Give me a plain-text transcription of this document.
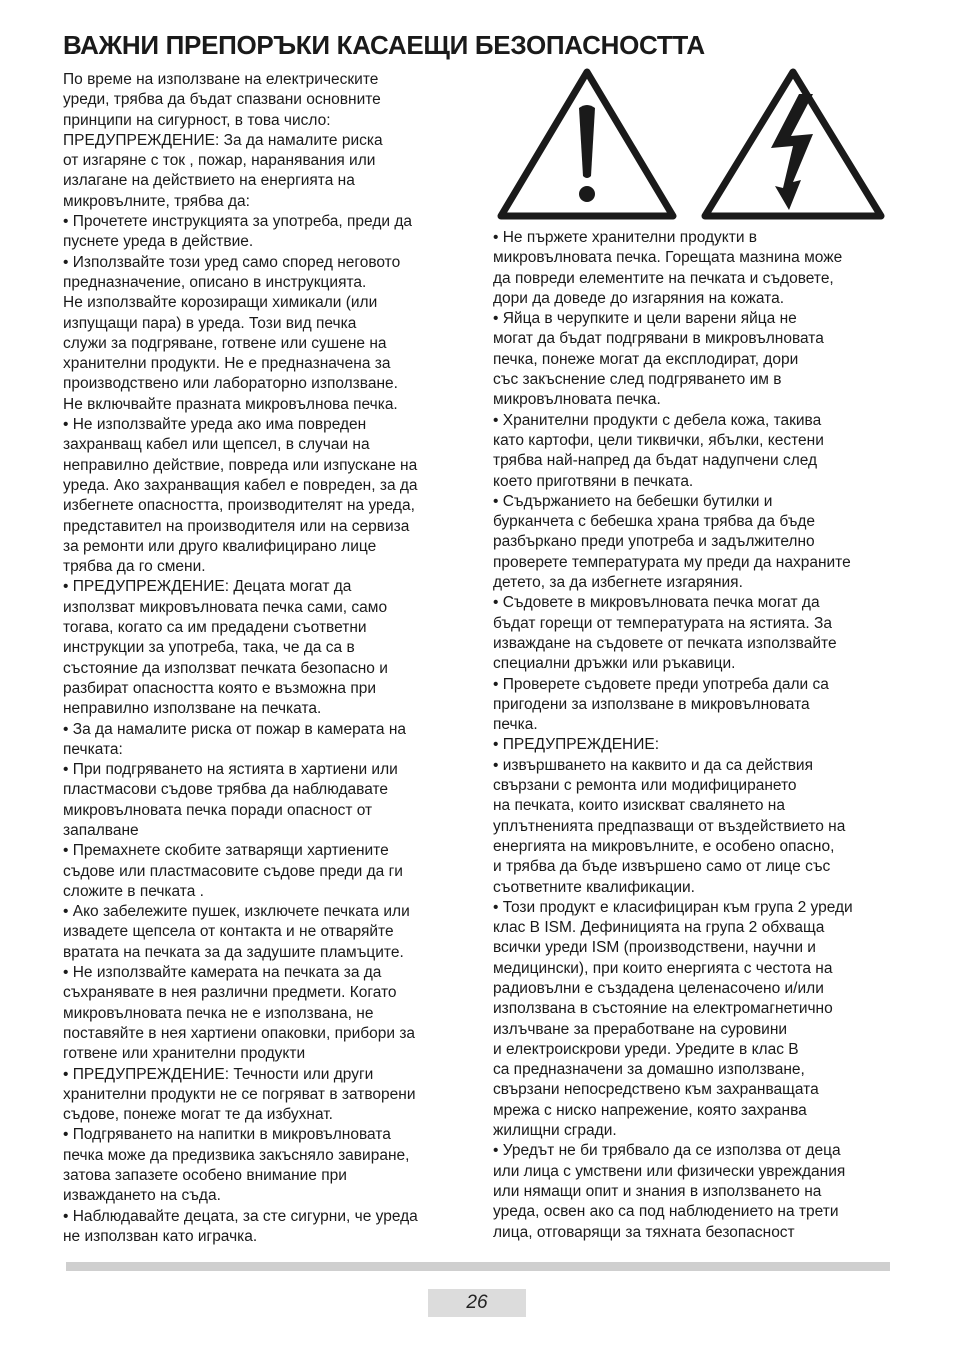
ВАЖНИ ПРЕПОРЪКИ КАСАЕЩИ БЕЗОПАСНОСТТА
По време на използване на електрическите
уреди, трябва да бъдат спазвани основните
принципи на сигурност, в това число:
ПРЕДУПРЕЖДЕНИЕ: За да намалите риска
от изгаряне с ток , пожар, наранявания или
излагане на действието на енергията на
микровълните, трябва да:
• Прочетете инструкцията за употреба, преди да
пуснете уреда в действие.
• Използвайте този уред само според неговото
предназначение, описано в инструкцията.
Не използвайте корозиращи химикали (или
изпущащи пара) в уреда. Този вид печка
служи за подгряване, готвене или сушене на
хранителни продукти. Не е предназначена за
производствено или лабораторно използване.
Не включвайте празната микровълнова печка.
• Не използвайте уреда ако има повреден
захранващ кабел или щепсел, в случаи на
неправилно действие, повреда или изпускане на
уреда. Ако захранващия кабел е повреден, за да
избегнете опасността, производителят на уреда,
представител на производителя или на сервиза
за ремонти или друго квалифицирано лице
трябва да го смени.
• ПРЕДУПРЕЖДЕНИЕ: Децата могат да
използват микровълновата печка сами, само
тогава, когато са им предадени съответни
инструкции за употреба, така, че да са в
състояние да използват печката безопасно и
разбират опасността която е възможна при
неправилно използване на печката.
• За да намалите риска от пожар в камерата на
печката:
• При подгряването на ястията в хартиени или
пластмасови съдове трябва да наблюдавате
микровълновата печка поради опасност от
запалване
• Премахнете скобите затварящи хартиените
съдове или пластмасовите съдове преди да ги
сложите в печката .
• Ако забележите пушек, изключете печката или
извадете щепсела от контакта и не отваряйте
вратата на печката за да задушите пламъците.
• Не използвайте камерата на печката за да
съхранявате в нея различни предмети. Когато
микровълновата печка не е използвана, не
поставяйте в нея хартиени опаковки, прибори за
готвене или хранителни продукти
• ПРЕДУПРЕЖДЕНИЕ: Течности или други
хранителни продукти не се погряват в затворени
съдове, понеже могат те да избухнат.
• Подгряването на напитки в микровълновата
печка може да предизвика закъсняло завиране,
затова запазете особено внимание при
изваждането на съда.
• Наблюдавайте децата, за сте сигурни, че уреда
не използван като играчка.
• Не пържете хранителни продукти в
микровълновата печка. Горещата мазнина може
да повреди елементите на печката и съдовете,
дори да доведе до изгаряния на кожата.
• Яйца в черупките и цели варени яйца не
могат да бъдат подгрявани в микровълновата
печка, понеже могат да експлодират, дори
със закъснение след подгряването им в
микровълновата печка.
• Хранителни продукти с дебела кожа, такива
като картофи, цели тиквички, ябълки, кестени
трябва най-напред да бъдат надупчени след
което приготвяни в печката.
• Съдържанието на бебешки бутилки и
бурканчета с бебешка храна трябва да бъде
разбъркано преди употреба и задължително
проверете температурата му преди да нахраните
детето, за да избегнете изгаряния.
• Съдовете в микровълновата печка могат да
бъдат горещи от температурата на ястията. За
изваждане на съдовете от печката използвайте
специални дръжки или ръкавици.
• Проверете съдовете преди употреба дали са
пригодени за използване в микровълновата
печка.
• ПРЕДУПРЕЖДЕНИЕ:
• извършването на каквито и да са действия
свързани с ремонта или модифицирането
на печката, които изискват свалянето на
уплътненията предпазващи от въздействието на
енергията на микровълните, е особено опасно,
и трябва да бъде извършено само от лице със
съответните квалификации.
• Този продукт е класифициран към група 2 уреди
клас B ISM. Дефиницията на група 2 обхваща
всички уреди ISM (производствени, научни и
медицински), при които енергията с честота на
радиовълни е създадена целенасочено и/или
използвана в състояние на електромагнетично
излъчване за преработване на суровини
и електроискрови уреди. Уредите в клас B
са предназначени за домашно използване,
свързани непосредствено към захранващата
мрежа с ниско напрежение, която захранва
жилищни сгради.
• Уредът не би трябвало да се използва от деца
или лица с умствени или физически увреждания
или нямащи опит и знания в използването на
уреда, освен ако са под наблюдението на трети
лица, отговарящи за тяхната безопасност
26
